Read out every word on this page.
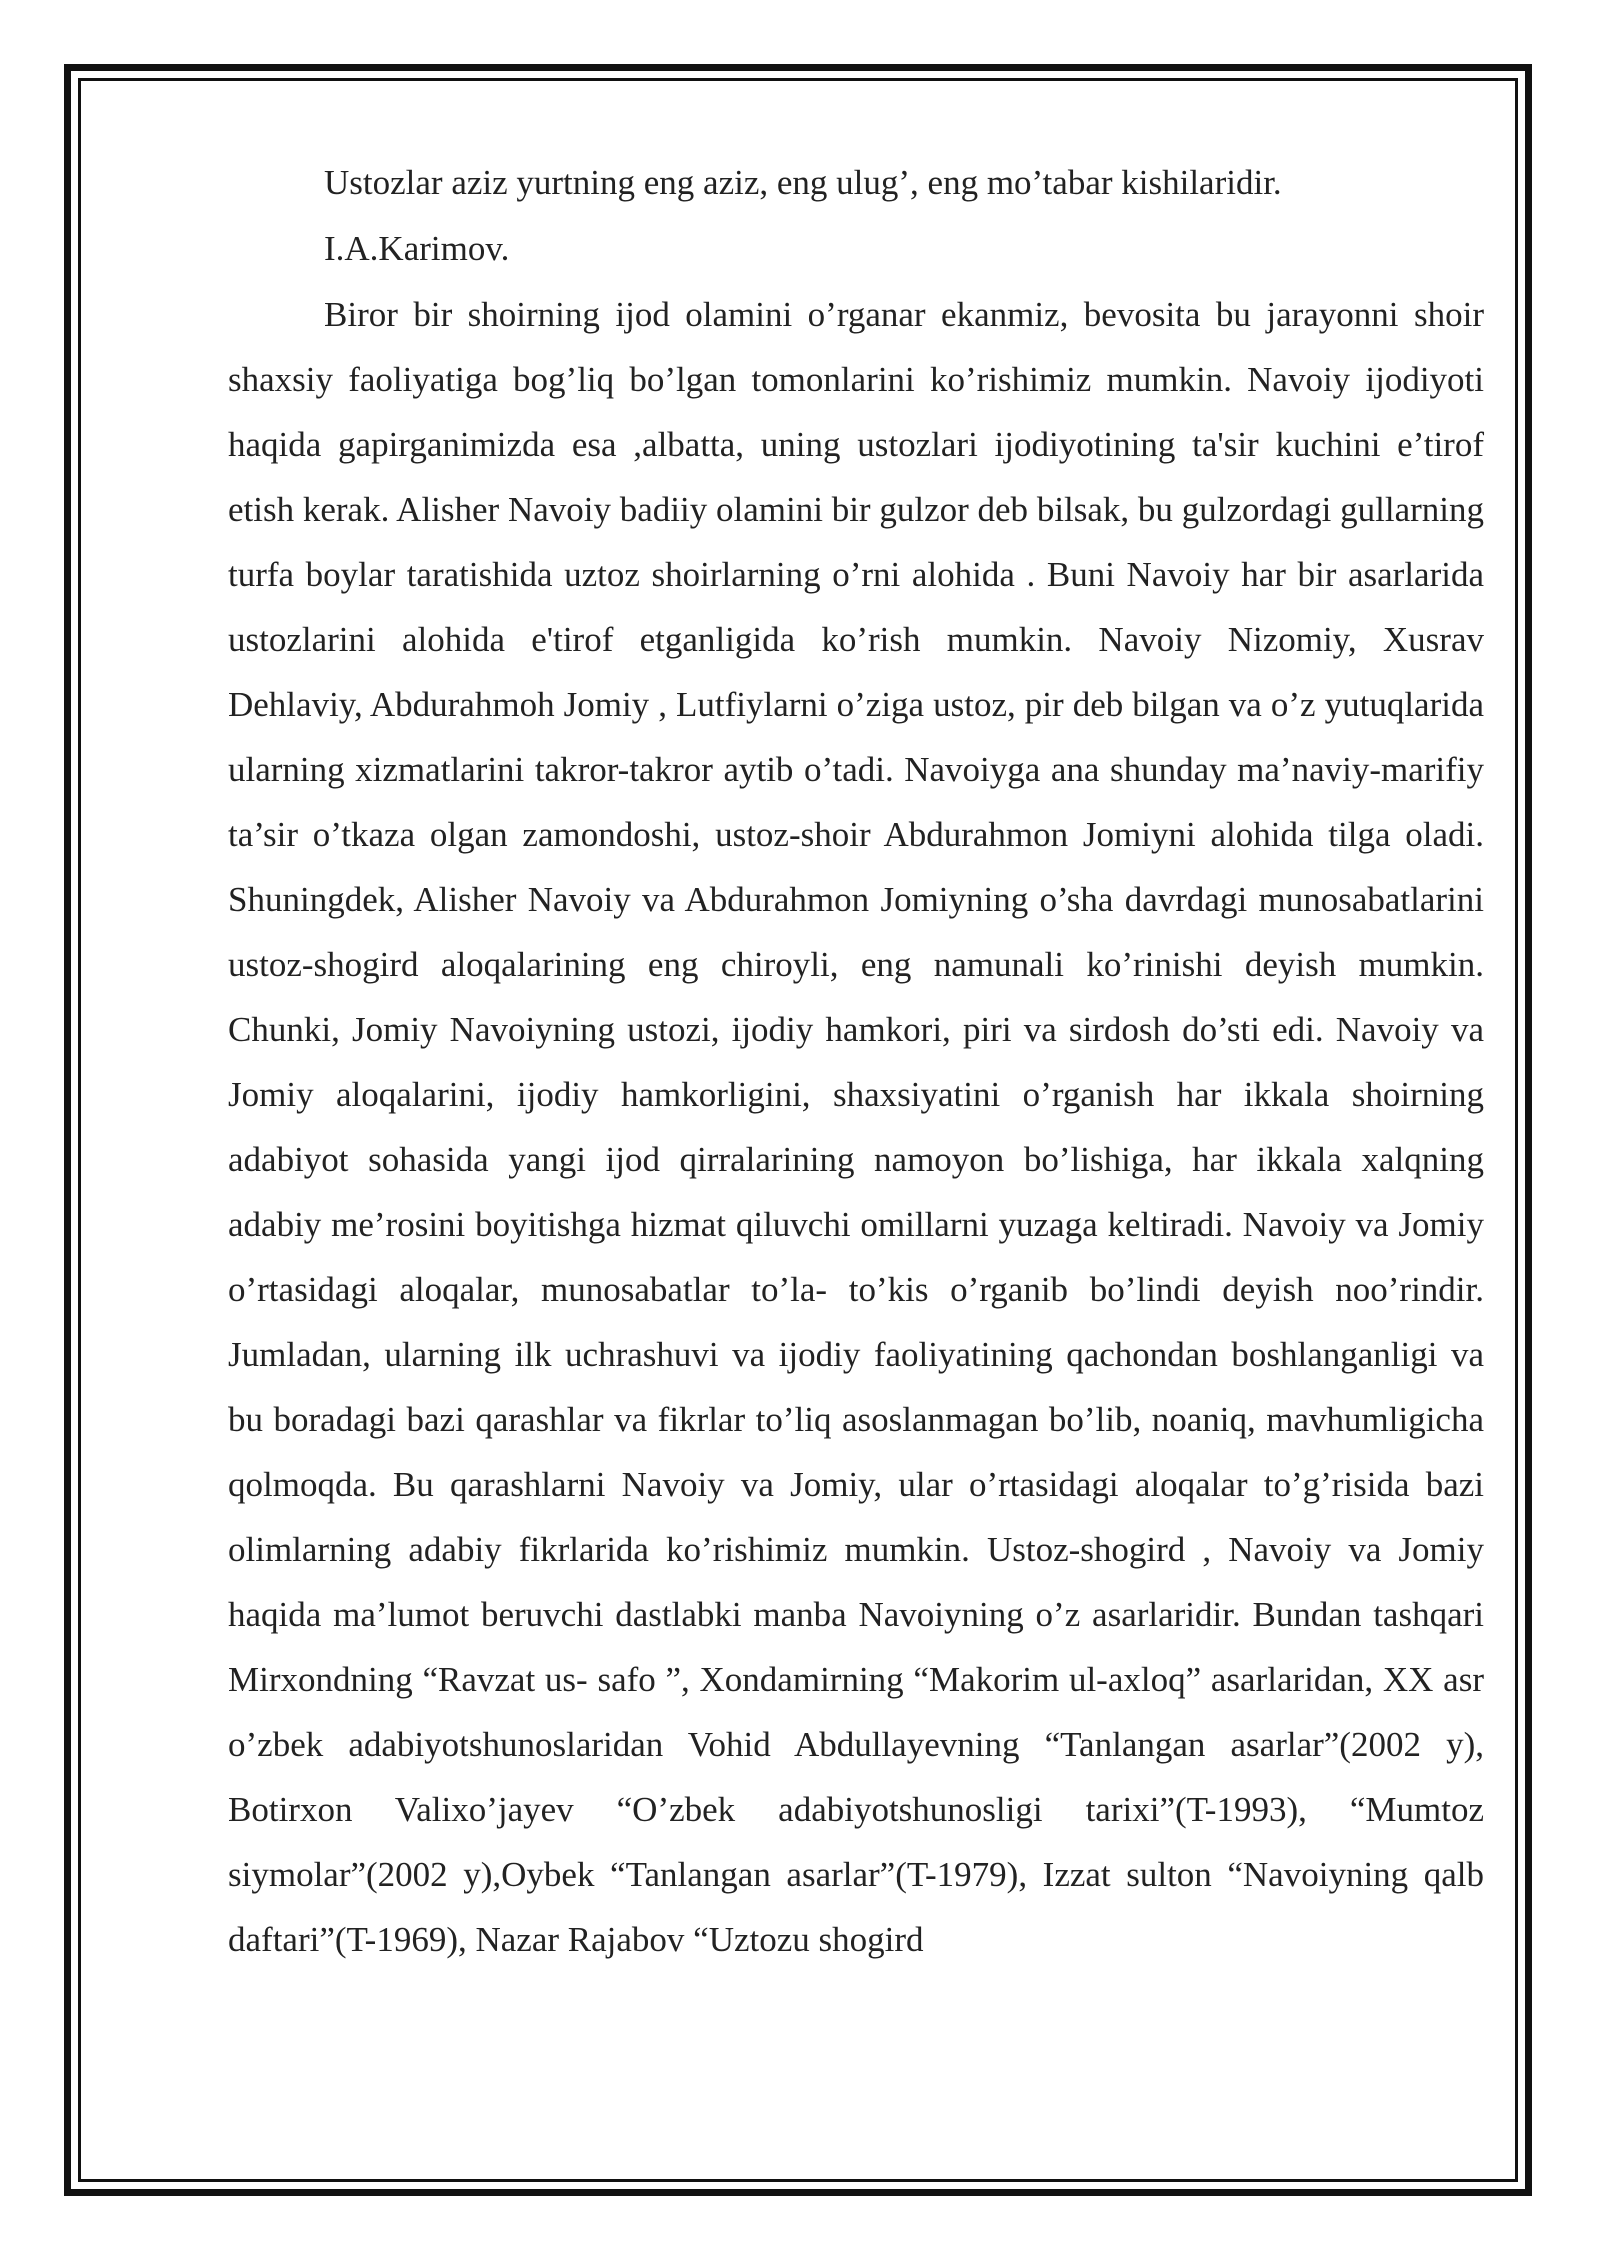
Ustozlar aziz yurtning eng aziz, eng ulug’, eng mo’tabar kishilaridir.

I.A.Karimov.

Biror bir shoirning ijod olamini o’rganar ekanmiz, bevosita bu jarayonni shoir shaxsiy faoliyatiga bog’liq bo’lgan tomonlarini ko’rishimiz mumkin. Navoiy ijodiyoti haqida gapirganimizda esa ,albatta, uning ustozlari ijodiyotining ta'sir kuchini e’tirof etish kerak. Alisher Navoiy badiiy olamini bir gulzor deb bilsak, bu gulzordagi gullarning turfa boylar taratishida uztoz shoirlarning o’rni alohida . Buni Navoiy har bir asarlarida ustozlarini alohida e'tirof etganligida ko’rish mumkin. Navoiy Nizomiy, Xusrav Dehlaviy, Abdurahmoh Jomiy , Lutfiylarni o’ziga ustoz, pir deb bilgan va o’z yutuqlarida ularning xizmatlarini takror-takror aytib o’tadi. Navoiyga ana shunday ma’naviy-marifiy ta’sir o’tkaza olgan zamondoshi, ustoz-shoir Abdurahmon Jomiyni alohida tilga oladi. Shuningdek, Alisher Navoiy va Abdurahmon Jomiyning o’sha davrdagi munosabatlarini ustoz-shogird aloqalarining eng chiroyli, eng namunali ko’rinishi deyish mumkin. Chunki, Jomiy Navoiyning ustozi, ijodiy hamkori, piri va sirdosh do’sti edi. Navoiy va Jomiy aloqalarini, ijodiy hamkorligini, shaxsiyatini o’rganish har ikkala shoirning adabiyot sohasida yangi ijod qirralarining namoyon bo’lishiga, har ikkala xalqning adabiy me’rosini boyitishga hizmat qiluvchi omillarni yuzaga keltiradi. Navoiy va Jomiy o’rtasidagi aloqalar, munosabatlar to’la- to’kis o’rganib bo’lindi deyish noo’rindir. Jumladan, ularning ilk uchrashuvi va ijodiy faoliyatining qachondan boshlanganligi va bu boradagi bazi qarashlar va fikrlar to’liq asoslanmagan bo’lib, noaniq, mavhumligicha qolmoqda. Bu qarashlarni Navoiy va Jomiy, ular o’rtasidagi aloqalar to’g’risida bazi olimlarning adabiy fikrlarida ko’rishimiz mumkin. Ustoz-shogird , Navoiy va Jomiy haqida ma’lumot beruvchi dastlabki manba Navoiyning o’z asarlaridir. Bundan tashqari Mirxondning “Ravzat us- safo ”, Xondamirning “Makorim ul-axloq” asarlaridan, XX asr o’zbek adabiyotshunoslaridan Vohid Abdullayevning “Tanlangan asarlar”(2002 y), Botirxon Valixo’jayev “O’zbek adabiyotshunosligi tarixi”(T-1993), “Mumtoz siymolar”(2002 y),Oybek “Tanlangan asarlar”(T-1979), Izzat sulton “Navoiyning qalb daftari”(T-1969), Nazar Rajabov “Uztozu shogird
